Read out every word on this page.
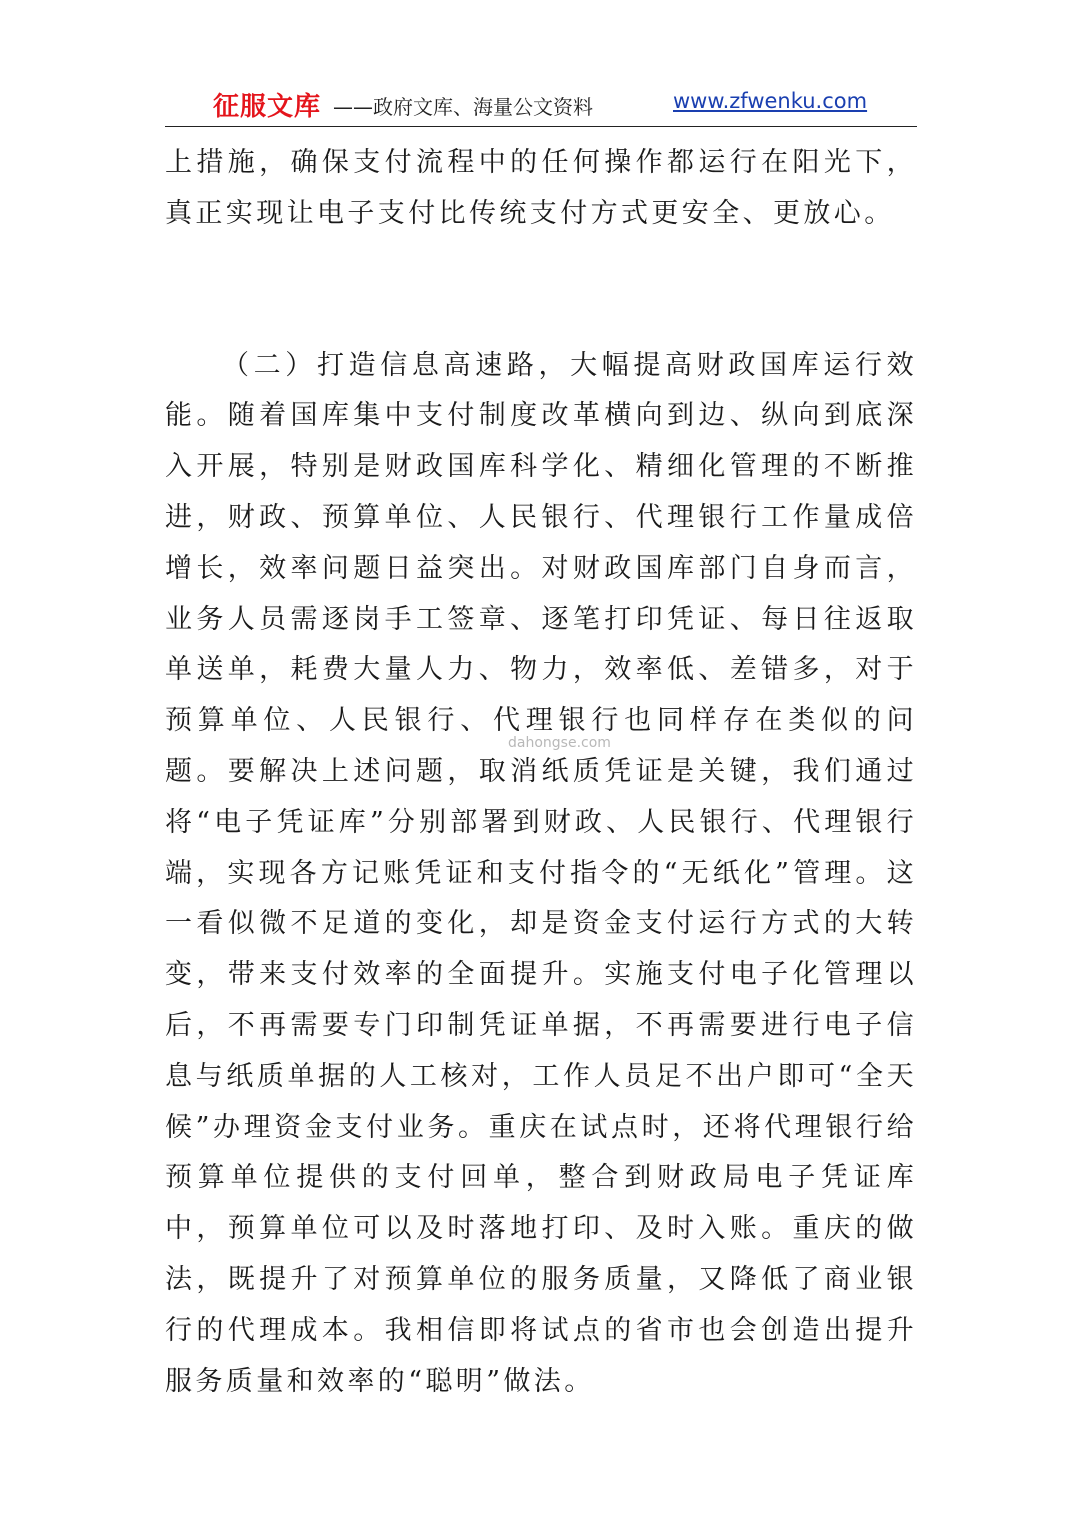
征服文库 ——政府文库、海量公文资料	www.zfwenku.com

上措施，确保支付流程中的任何操作都运行在阳光下，真正实现让电子支付比传统支付方式更安全、更放心。

（二）打造信息高速路，大幅提高财政国库运行效能。随着国库集中支付制度改革横向到边、纵向到底深入开展，特别是财政国库科学化、精细化管理的不断推进，财政、预算单位、人民银行、代理银行工作量成倍增长，效率问题日益突出。对财政国库部门自身而言，业务人员需逐岗手工签章、逐笔打印凭证、每日往返取单送单，耗费大量人力、物力，效率低、差错多，对于预算单位、人民银行、代理银行也同样存在类似的问题。要解决上述问题，取消纸质凭证是关键，我们通过将“电子凭证库”分别部署到财政、人民银行、代理银行端，实现各方记账凭证和支付指令的“无纸化”管理。这一看似微不足道的变化，却是资金支付运行方式的大转变，带来支付效率的全面提升。实施支付电子化管理以后，不再需要专门印制凭证单据，不再需要进行电子信息与纸质单据的人工核对，工作人员足不出户即可“全天候”办理资金支付业务。重庆在试点时，还将代理银行给预算单位提供的支付回单，整合到财政局电子凭证库中，预算单位可以及时落地打印、及时入账。重庆的做法，既提升了对预算单位的服务质量，又降低了商业银行的代理成本。我相信即将试点的省市也会创造出提升服务质量和效率的“聪明”做法。

dahongse.com
